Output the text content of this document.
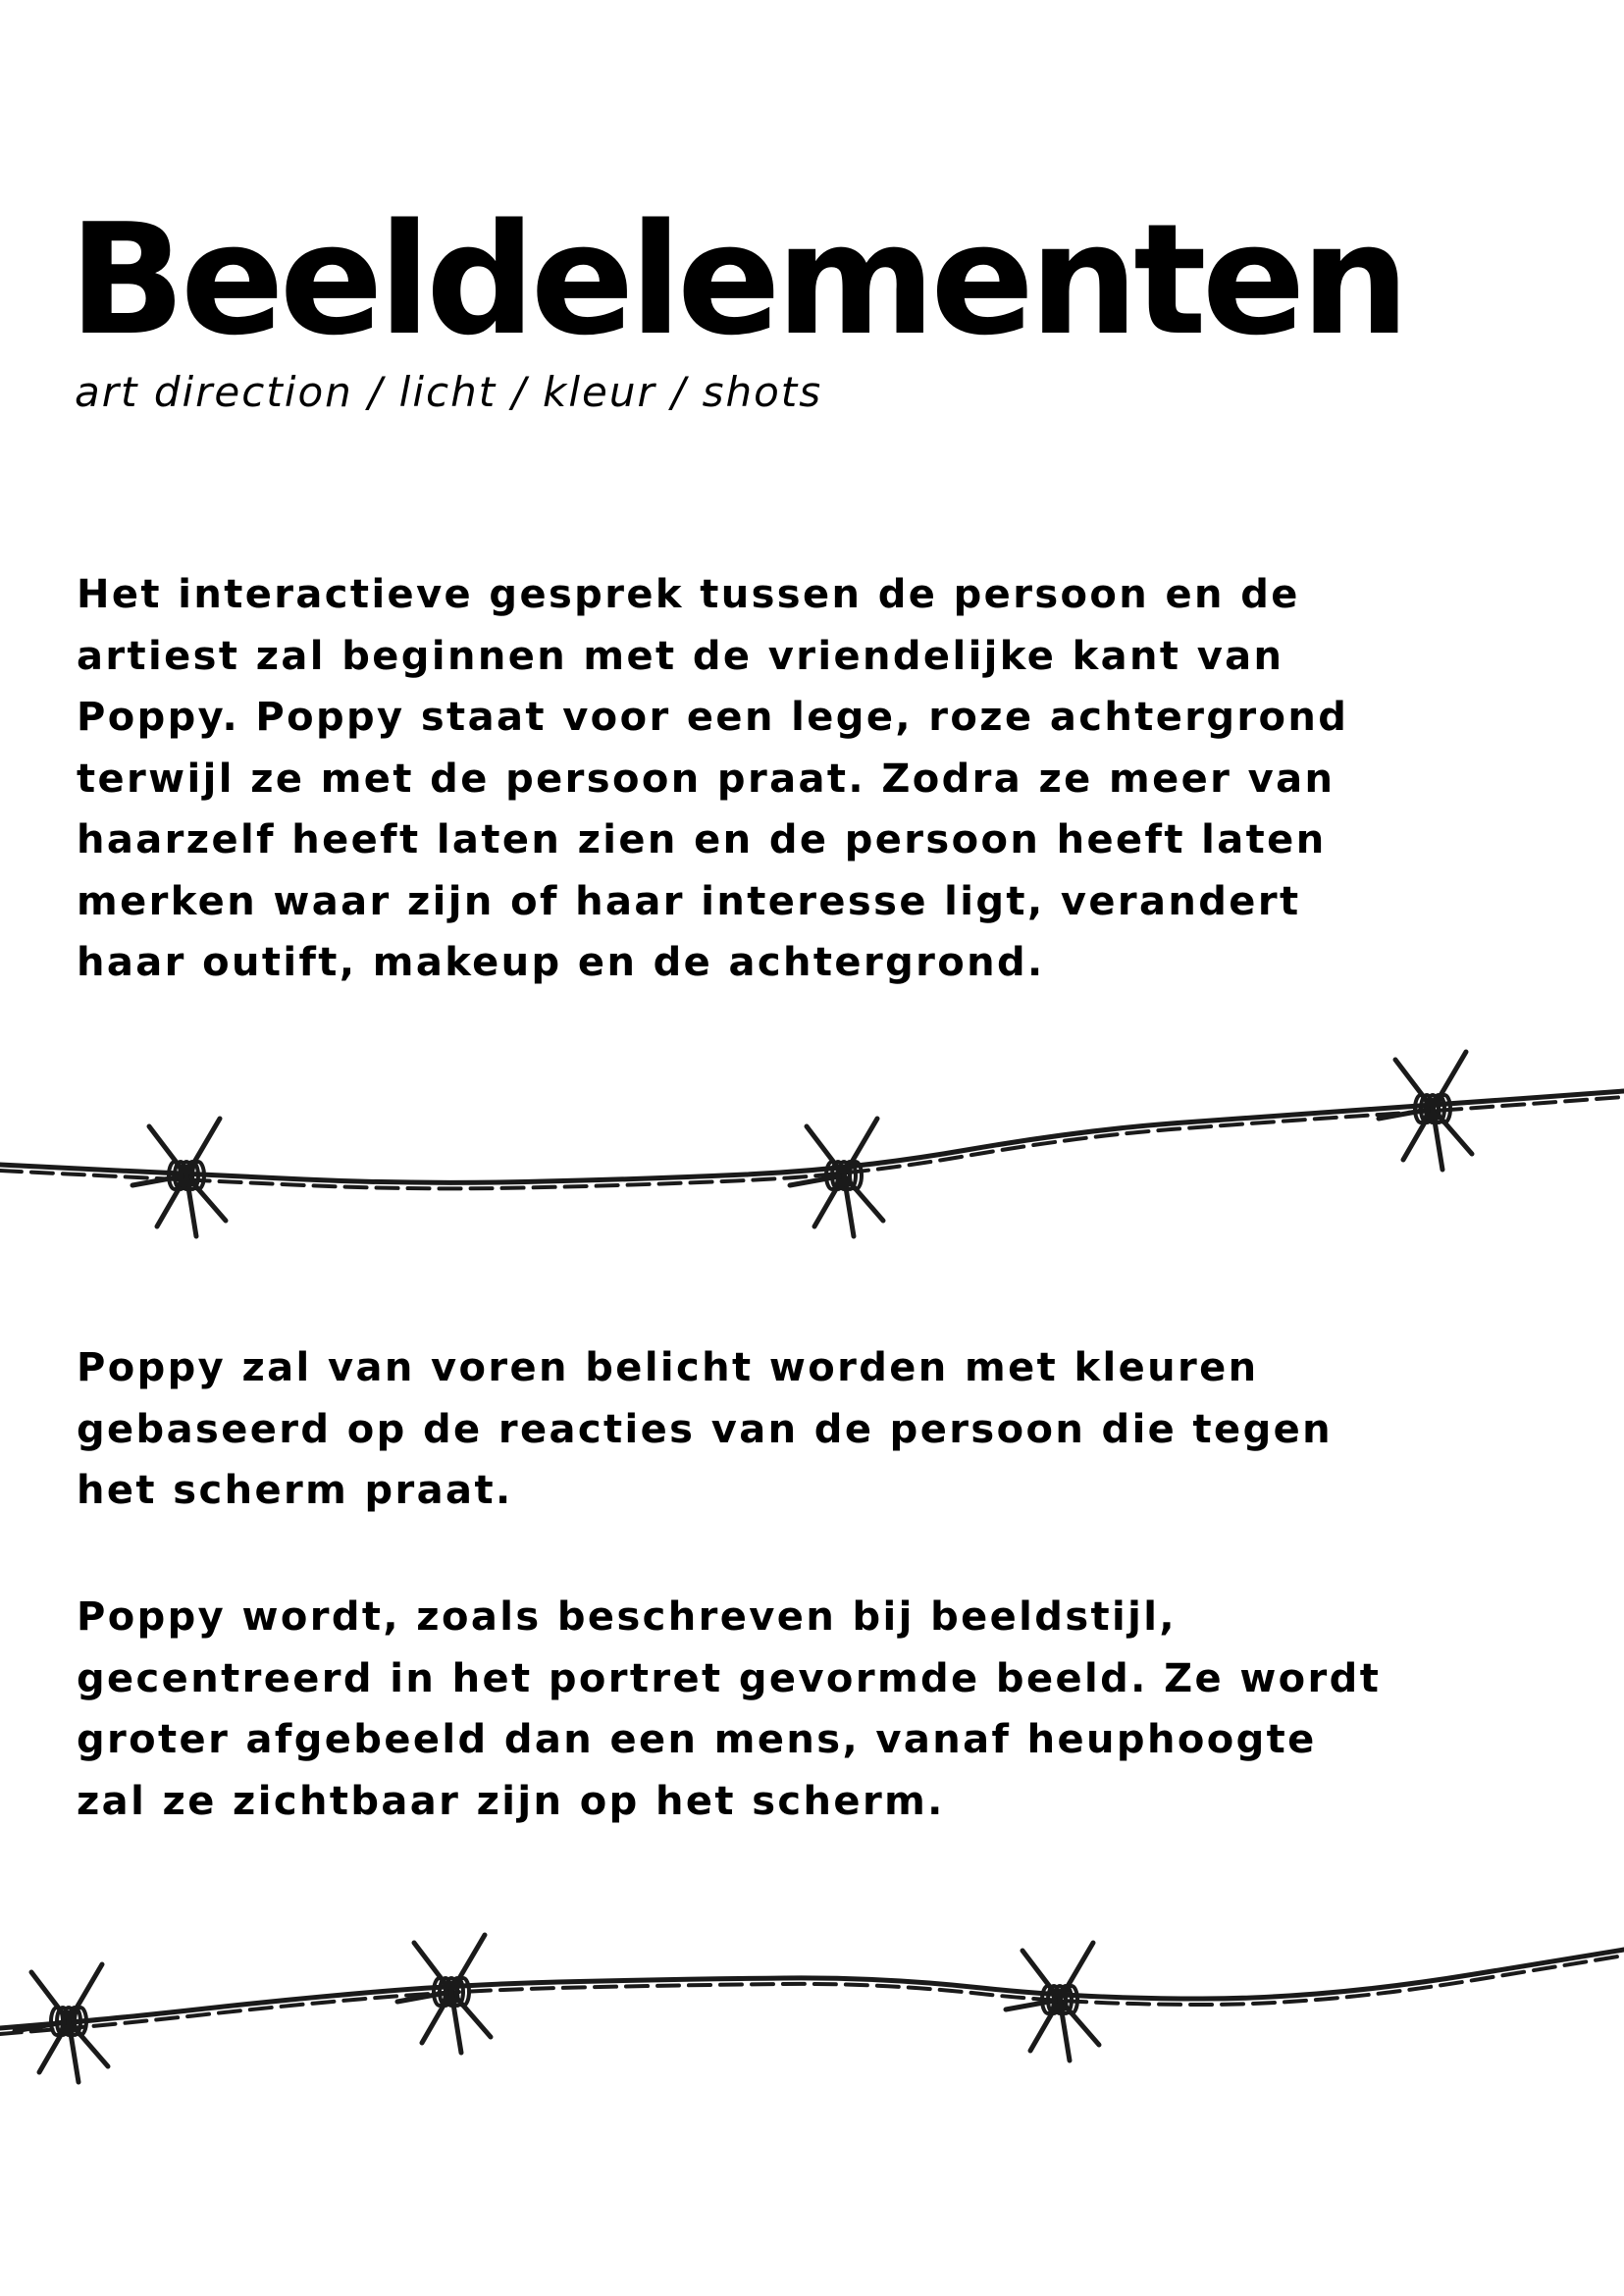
Beeldelementen
art direction / licht / kleur / shots
Het interactieve gesprek tussen de persoon en de
artiest zal beginnen met de vriendelijke kant van
Poppy. Poppy staat voor een lege, roze achtergrond
terwijl ze met de persoon praat. Zodra ze meer van
haarzelf heeft laten zien en de persoon heeft laten
merken waar zijn of haar interesse ligt, verandert
haar outift, makeup en de achtergrond.
Poppy zal van voren belicht worden met kleuren
gebaseerd op de reacties van de persoon die tegen
het scherm praat.
Poppy wordt, zoals beschreven bij beeldstijl,
gecentreerd in het portret gevormde beeld. Ze wordt
groter afgebeeld dan een mens, vanaf heuphoogte
zal ze zichtbaar zijn op het scherm.
